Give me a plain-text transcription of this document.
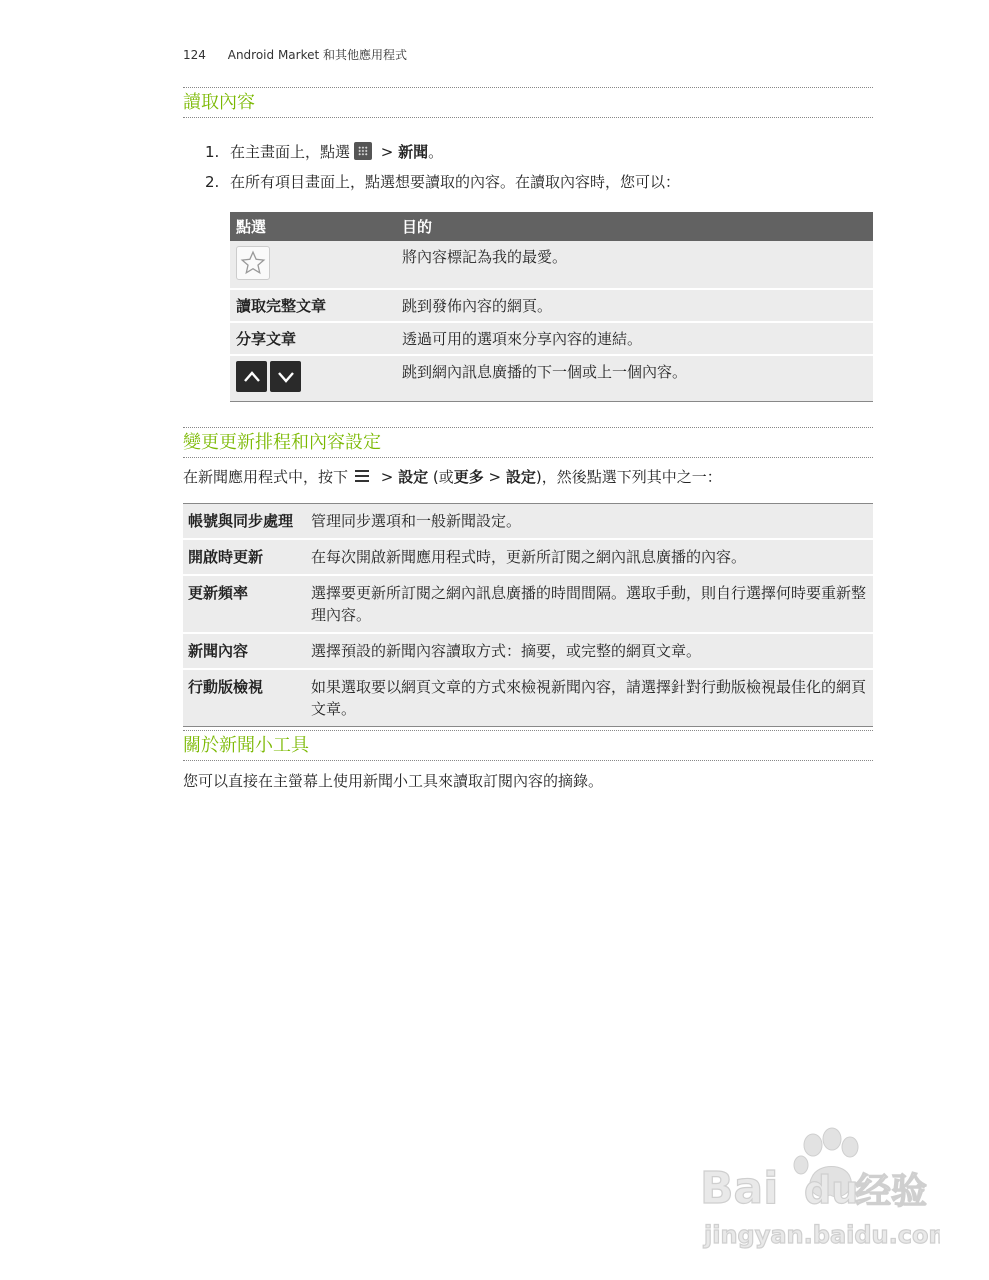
124 Android Market 和其他應用程式
讀取內容
1. 在主畫面上，點選 > 新聞。
2. 在所有項目畫面上，點選想要讀取的內容。在讀取內容時，您可以：
點選	目的

	將內容標記為我的最愛。
讀取完整文章	跳到發佈內容的網頁。
分享文章	透過可用的選項來分享內容的連結。

	跳到網內訊息廣播的下一個或上一個內容。
變更更新排程和內容設定
在新聞應用程式中，按下 > 設定 (或更多 > 設定)，然後點選下列其中之一：
帳號與同步處理	管理同步選項和一般新聞設定。
開啟時更新	在每次開啟新聞應用程式時，更新所訂閱之網內訊息廣播的內容。
更新頻率	選擇要更新所訂閱之網內訊息廣播的時間間隔。選取手動，則自行選擇何時要重新整理內容。
新聞內容	選擇預設的新聞內容讀取方式：摘要，或完整的網頁文章。
行動版檢視	如果選取要以網頁文章的方式來檢視新聞內容，請選擇針對行動版檢視最佳化的網頁文章。
關於新聞小工具
您可以直接在主螢幕上使用新聞小工具來讀取訂閱內容的摘錄。
Bai du
经验
jingyan.baidu.com
